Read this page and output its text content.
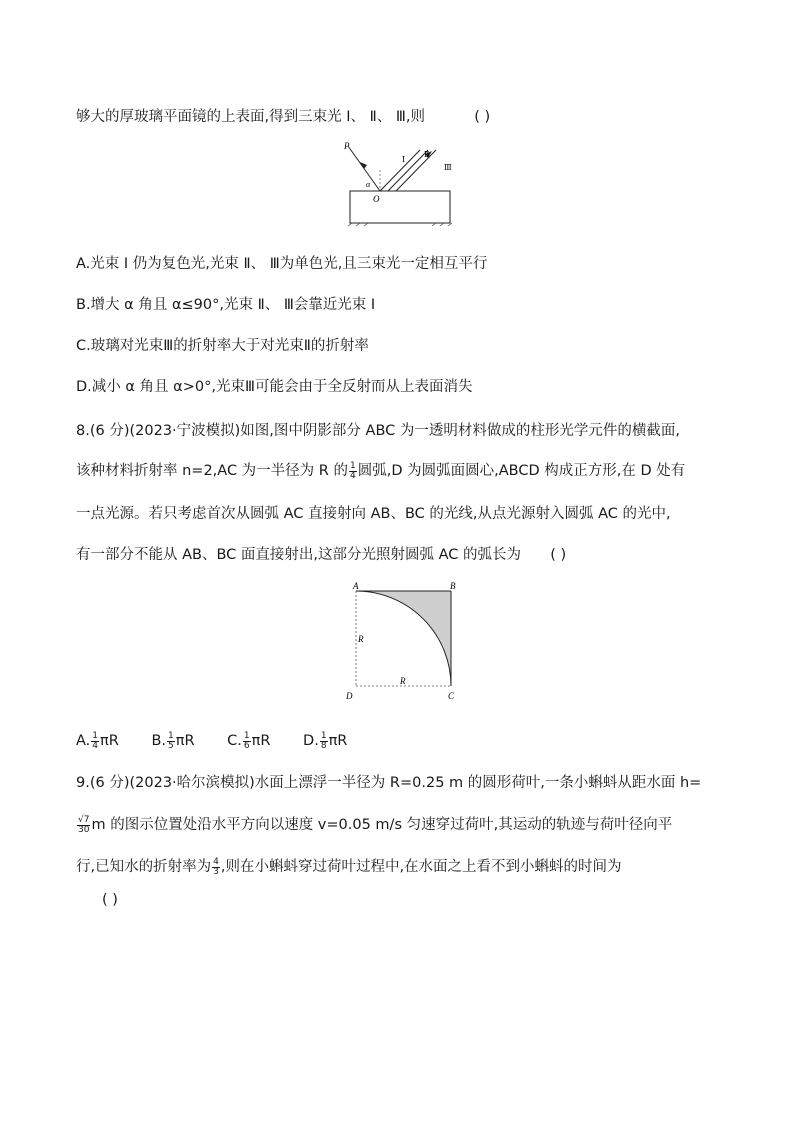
够大的厚玻璃平面镜的上表面,得到三束光 Ⅰ、 Ⅱ、 Ⅲ,则	( )
P
O
α
Ⅰ
Ⅱ
Ⅲ
A.光束 Ⅰ 仍为复色光,光束 Ⅱ、 Ⅲ为单色光,且三束光一定相互平行
B.增大 α 角且 α≤90°,光束 Ⅱ、 Ⅲ会靠近光束 Ⅰ
C.玻璃对光束Ⅲ的折射率大于对光束Ⅱ的折射率
D.减小 α 角且 α>0°,光束Ⅲ可能会由于全反射而从上表面消失
8.(6 分)(2023·宁波模拟)如图,图中阴影部分 ABC 为一透明材料做成的柱形光学元件的横截面,
该种材料折射率 n=2,AC 为一半径为 R 的 $\frac{1}{4}$ 圆弧,D 为圆弧面圆心,ABCD 构成正方形,在 D 处有
一点光源。若只考虑首次从圆弧 AC 直接射向 AB、BC 的光线,从点光源射入圆弧 AC 的光中,
有一部分不能从 AB、BC 面直接射出,这部分光照射圆弧 AC 的弧长为 ( )
A	B
C
D
R
R
A. $\frac{1}{4}$ πR B. $\frac{1}{5}$ πR C. $\frac{1}{6}$ πR D. $\frac{1}{8}$ πR
9.(6 分)(2023·哈尔滨模拟)水面上漂浮一半径为 R=0.25 m 的圆形荷叶,一条小蝌蚪从距水面 h=
$\frac{√7}{30}$ m 的图示位置处沿水平方向以速度 v=0.05 m/s 匀速穿过荷叶,其运动的轨迹与荷叶径向平
行,已知水的折射率为 $\frac{4}{3}$ ,则在小蝌蚪穿过荷叶过程中,在水面之上看不到小蝌蚪的时间为
( )
